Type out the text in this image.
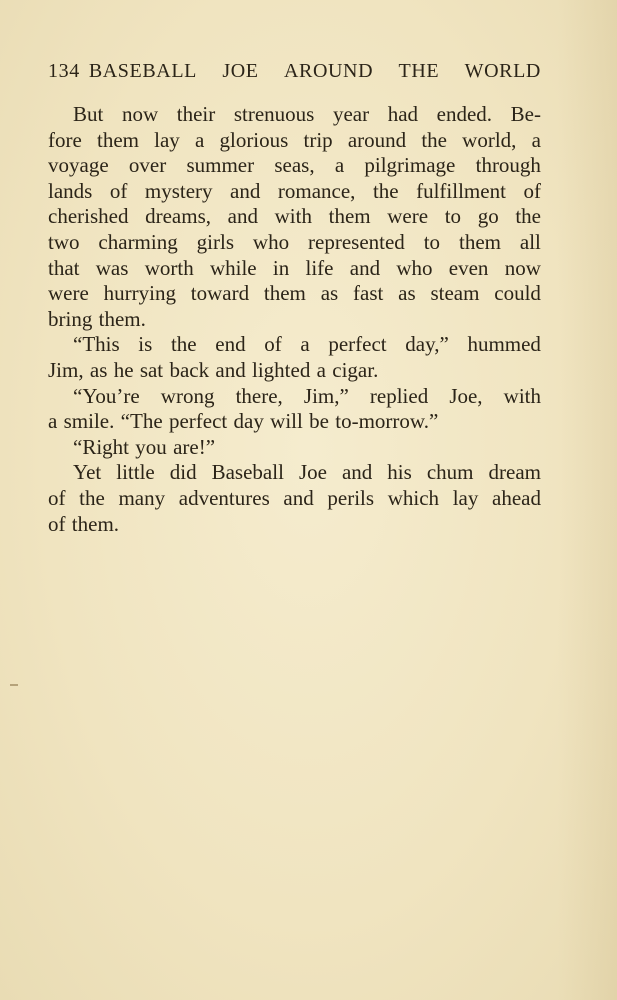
134 BASEBALL JOE AROUND THE WORLD
But now their strenuous year had ended. Be-
fore them lay a glorious trip around the world, a
voyage over summer seas, a pilgrimage through
lands of mystery and romance, the fulfillment of
cherished dreams, and with them were to go the
two charming girls who represented to them all
that was worth while in life and who even now
were hurrying toward them as fast as steam could
bring them.
“This is the end of a perfect day,” hummed
Jim, as he sat back and lighted a cigar.
“You’re wrong there, Jim,” replied Joe, with
a smile. “The perfect day will be to-morrow.”
“Right you are!”
Yet little did Baseball Joe and his chum dream
of the many adventures and perils which lay ahead
of them.
